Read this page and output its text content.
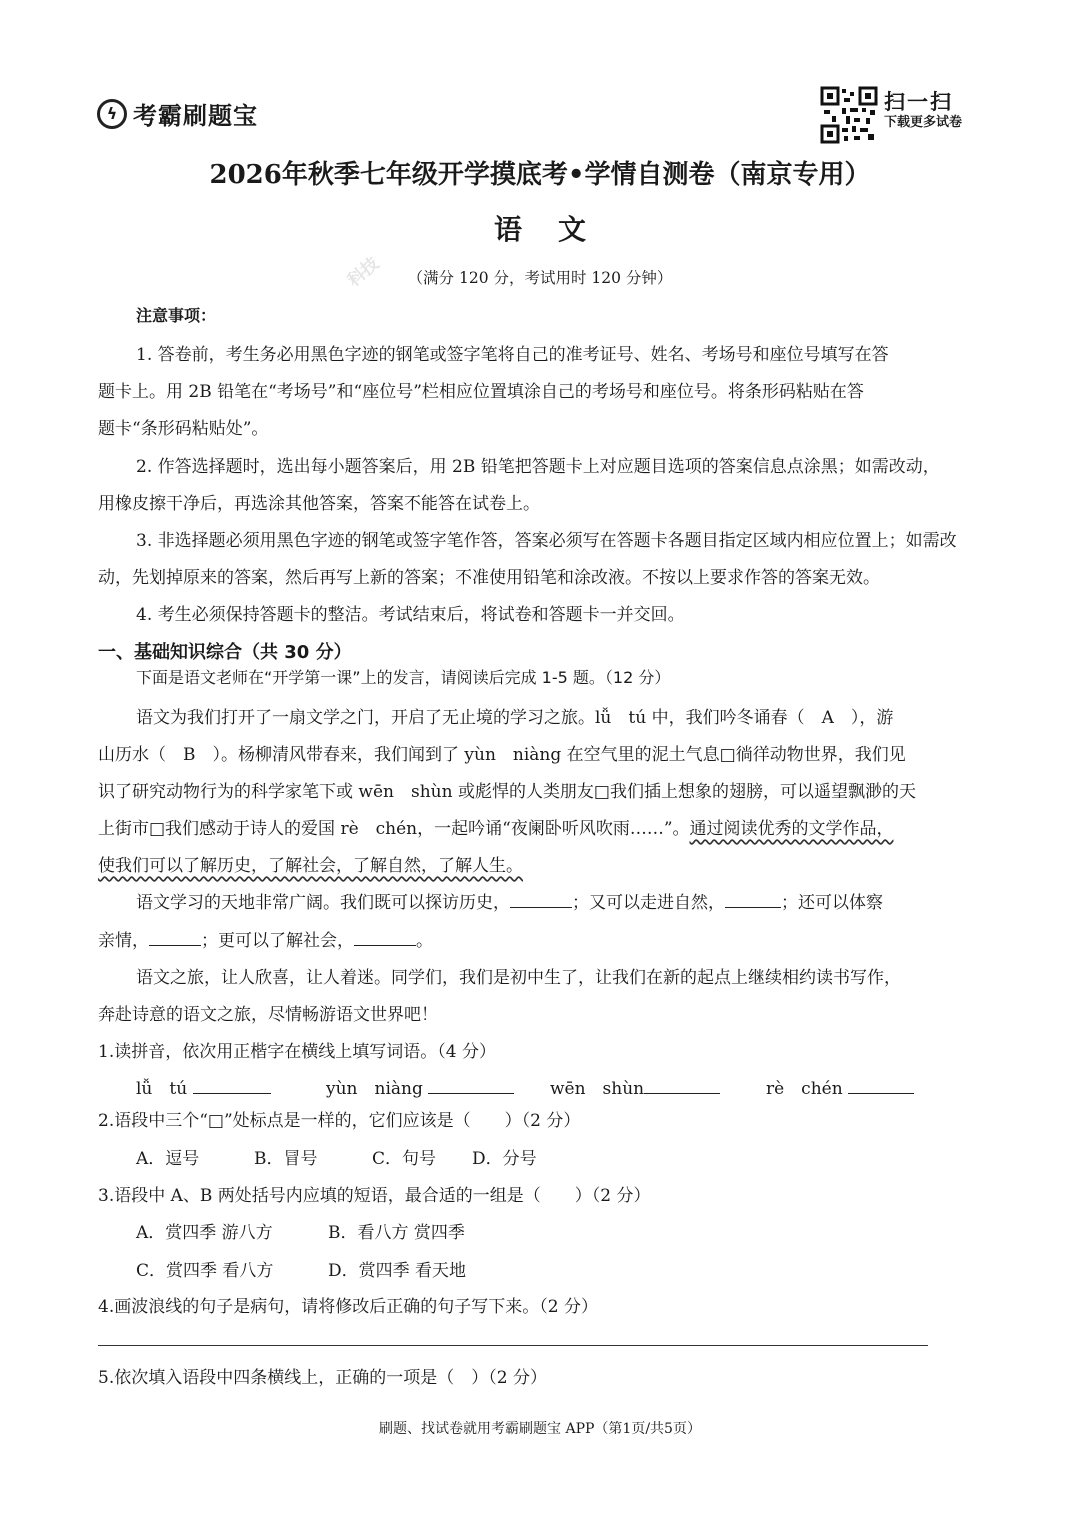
ϟ 考霸刷题宝	扫一扫
下载更多试卷
科技
2026年秋季七年级开学摸底考•学情自测卷（南京专用）
语文
（满分 120 分，考试用时 120 分钟）
注意事项：
1. 答卷前，考生务必用黑色字迹的钢笔或签字笔将自己的准考证号、姓名、考场号和座位号填写在答
题卡上。用 2B 铅笔在“考场号”和“座位号”栏相应位置填涂自己的考场号和座位号。将条形码粘贴在答
题卡“条形码粘贴处”。
2. 作答选择题时，选出每小题答案后，用 2B 铅笔把答题卡上对应题目选项的答案信息点涂黑；如需改动，
用橡皮擦干净后，再选涂其他答案，答案不能答在试卷上。
3. 非选择题必须用黑色字迹的钢笔或签字笔作答，答案必须写在答题卡各题目指定区域内相应位置上；如需改
动，先划掉原来的答案，然后再写上新的答案；不准使用铅笔和涂改液。不按以上要求作答的答案无效。
4. 考生必须保持答题卡的整洁。考试结束后，将试卷和答题卡一并交回。
一、基础知识综合（共 30 分）
下面是语文老师在“开学第一课”上的发言，请阅读后完成 1-5 题。（12 分）
语文为我们打开了一扇文学之门，开启了无止境的学习之旅。lǚ　tú 中，我们吟冬诵春（　A　），游
山历水（　B　）。杨柳清风带春来，我们闻到了 yùn　niàng 在空气里的泥土气息□徜徉动物世界，我们见
识了研究动物行为的科学家笔下或 wēn　shùn 或彪悍的人类朋友□我们插上想象的翅膀，可以遥望飘渺的天
上街市□我们感动于诗人的爱国 rè　chén，一起吟诵“夜阑卧听风吹雨……”。通过阅读优秀的文学作品，
使我们可以了解历史，了解社会，了解自然，了解人生。
语文学习的天地非常广阔。我们既可以探访历史，	；又可以走进自然，	；还可以体察
亲情，	；更可以了解社会，	。
语文之旅，让人欣喜，让人着迷。同学们，我们是初中生了，让我们在新的起点上继续相约读书写作，
奔赴诗意的语文之旅，尽情畅游语文世界吧！
1.读拼音，依次用正楷字在横线上填写词语。（4 分）
lǚ　tú	yùn　niàng	wēn　shùn	rè　chén
2.语段中三个“□”处标点是一样的，它们应该是（　　）（2 分）
A．逗号	B．冒号	C．句号 D．分号
3.语段中 A、B 两处括号内应填的短语，最合适的一组是（　　）（2 分）
A．赏四季 游八方	B．看八方 赏四季
C．赏四季 看八方	D．赏四季 看天地
4.画波浪线的句子是病句，请将修改后正确的句子写下来。（2 分）
5.依次填入语段中四条横线上，正确的一项是（　）（2 分）
刷题、找试卷就用考霸刷题宝 APP（第1页/共5页）
